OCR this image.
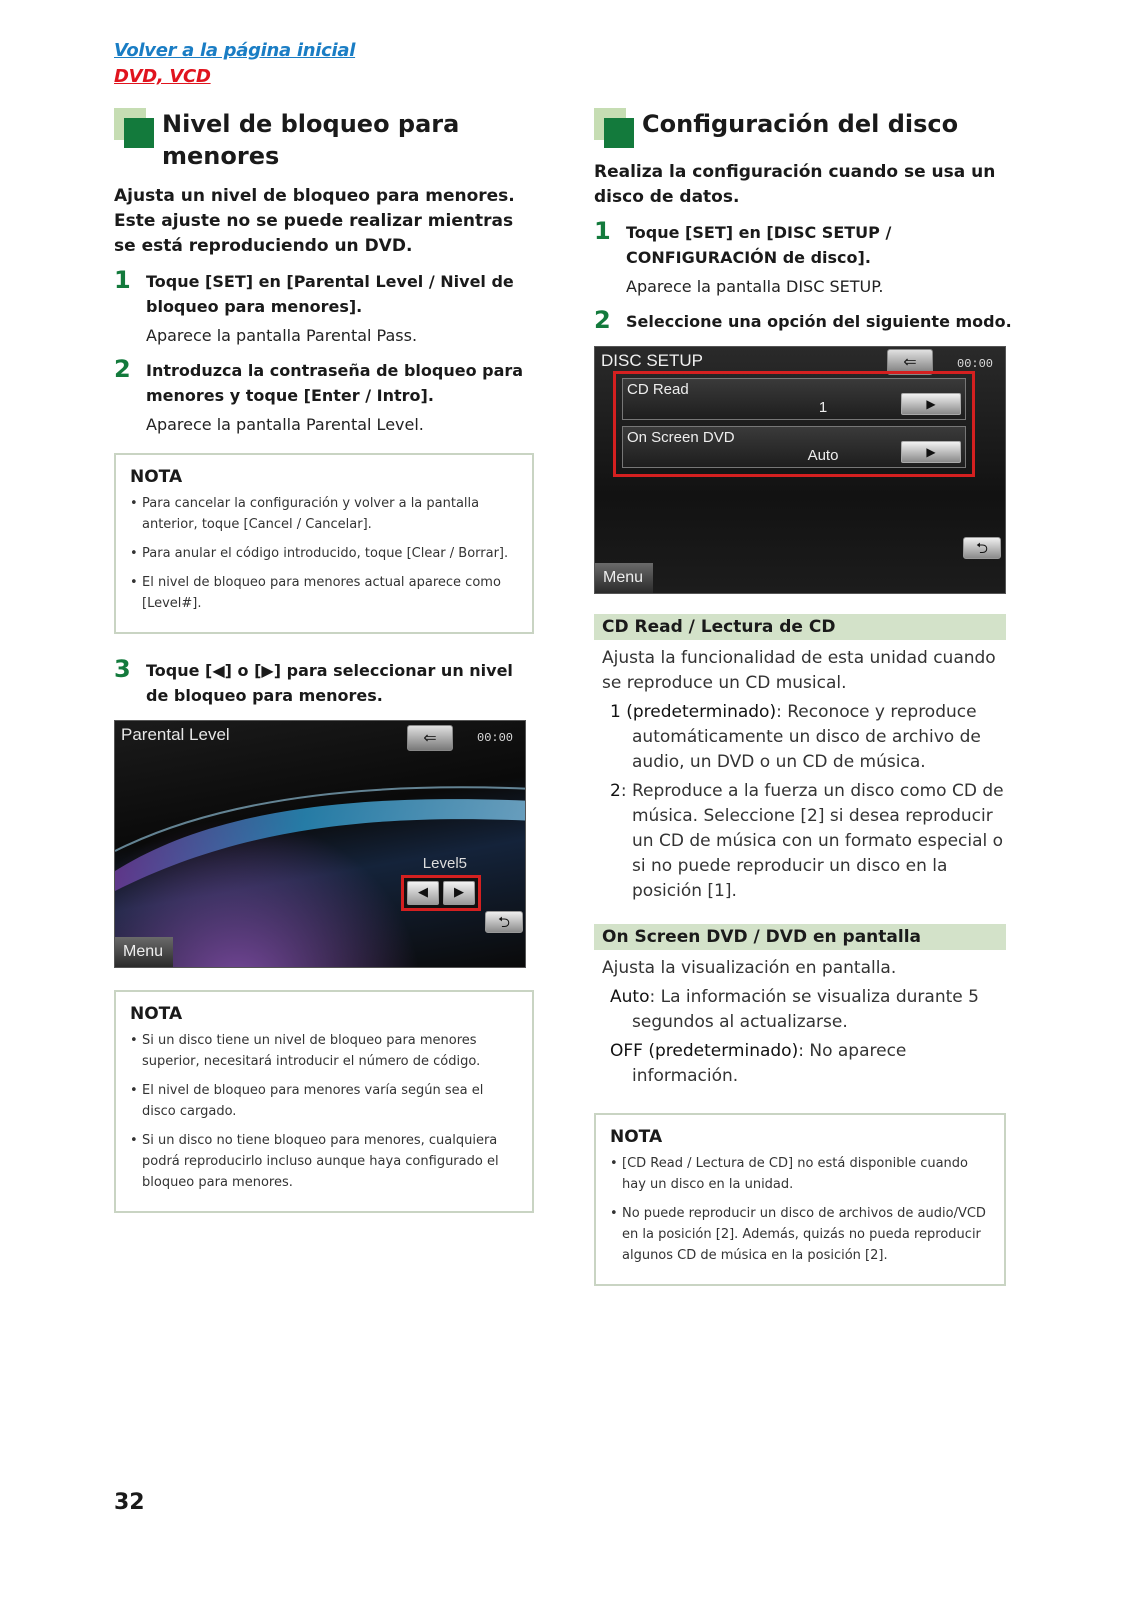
Volver a la página inicial
DVD, VCD
Nivel de bloqueo para menores

Ajusta un nivel de bloqueo para menores. Este ajuste no se puede realizar mientras se está reproduciendo un DVD.

1 Toque [SET] en [Parental Level / Nivel de bloqueo para menores].
Aparece la pantalla Parental Pass.
2 Introduzca la contraseña de bloqueo para menores y toque [Enter / Intro].
Aparece la pantalla Parental Level.
NOTA
• Para cancelar la configuración y volver a la pantalla anterior, toque [Cancel / Cancelar].
• Para anular el código introducido, toque [Clear / Borrar].
• El nivel de bloqueo para menores actual aparece como [Level#].
3 Toque [◀] o [▶] para seleccionar un nivel de bloqueo para menores.
Parental Level	⇐	00:00
Level5
◀	▶
⮌
Menu
NOTA
• Si un disco tiene un nivel de bloqueo para menores superior, necesitará introducir el número de código.
• El nivel de bloqueo para menores varía según sea el disco cargado.
• Si un disco no tiene bloqueo para menores, cualquiera podrá reproducirlo incluso aunque haya configurado el bloqueo para menores.
Configuración del disco

Realiza la configuración cuando se usa un disco de datos.

1 Toque [SET] en [DISC SETUP / CONFIGURACIÓN de disco].
Aparece la pantalla DISC SETUP.
2 Seleccione una opción del siguiente modo.
DISC SETUP	⇐	00:00
CD Read
1	▶
On Screen DVD
Auto	▶
⮌
Menu
CD Read / Lectura de CD

Ajusta la funcionalidad de esta unidad cuando se reproduce un CD musical.

1 (predeterminado): Reconoce y reproduce automáticamente un disco de archivo de audio, un DVD o un CD de música.

2: Reproduce a la fuerza un disco como CD de música. Seleccione [2] si desea reproducir un CD de música con un formato especial o si no puede reproducir un disco en la posición [1].

On Screen DVD / DVD en pantalla

Ajusta la visualización en pantalla.

Auto: La información se visualiza durante 5 segundos al actualizarse.

OFF (predeterminado): No aparece información.

NOTA
• [CD Read / Lectura de CD] no está disponible cuando hay un disco en la unidad.
• No puede reproducir un disco de archivos de audio/VCD en la posición [2]. Además, quizás no pueda reproducir algunos CD de música en la posición [2].
32
